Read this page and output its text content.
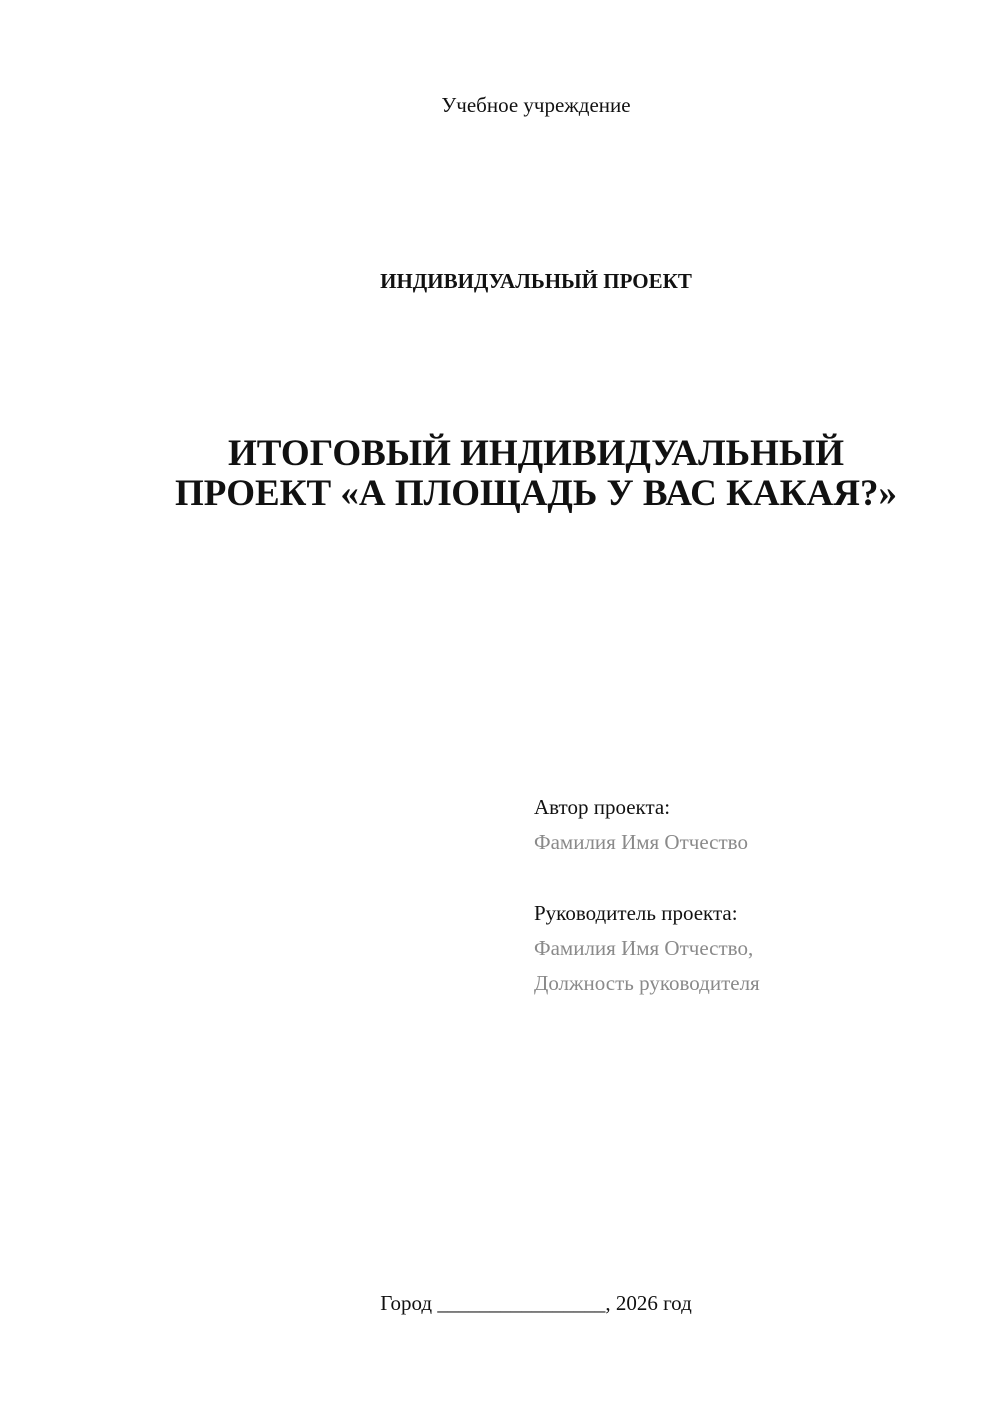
Учебное учреждение
ИНДИВИДУАЛЬНЫЙ ПРОЕКТ
ИТОГОВЫЙ ИНДИВИДУАЛЬНЫЙ
ПРОЕКТ «А ПЛОЩАДЬ У ВАС КАКАЯ?»
Автор проекта:
Фамилия Имя Отчество
Руководитель проекта:
Фамилия Имя Отчество,
Должность руководителя
Город ________________, 2026 год
